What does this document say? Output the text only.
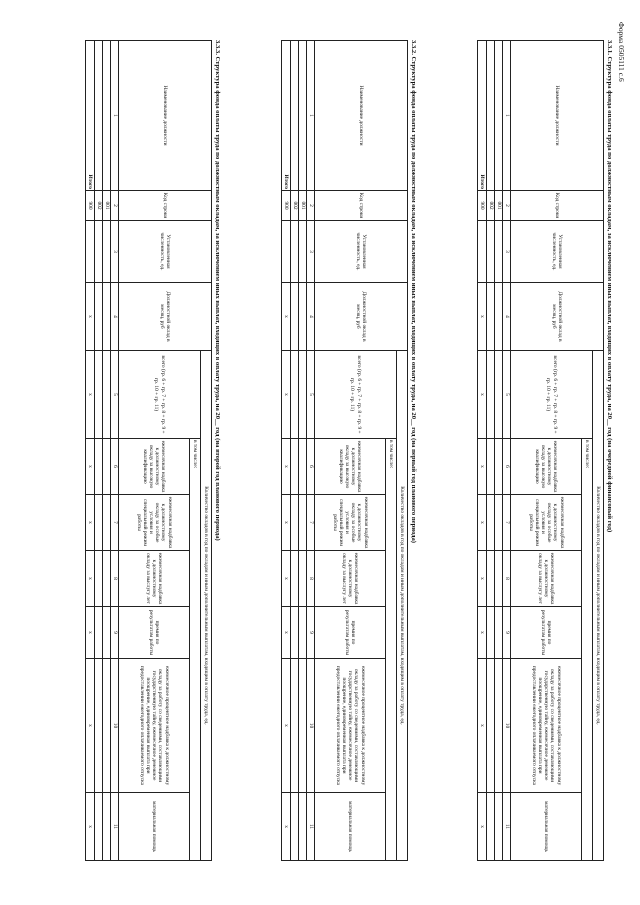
Форма 0505111 с.6
3.3.1. Структура фонда оплаты труда по должностным окладам, за исключением иных выплат, входящих в оплату труда, на 20__ год (на очередной финансовый год)
Наименование должности	Код строки	Установленная численность, ед.	Должностной оклад в месяц, руб	Количество окладов в год по окладам и иным дополнительным выплатам, входящим в оплату труда, ед.						
				всего (гр. 6 + гр. 7 + гр. 8 + гр. 9 + гр. 10 + гр. 11)	в том числе:					
					ежемесячная надбавка к должностному окладу за высокую квалификацию	ежемесячная надбавка к должностному окладу за особые условия и специальный режим работы	ежемесячная надбавка к должностному окладу за выслугу лет	премия по результатам работы	ежемесячное процентное надбавка к должностному окладу за работу со сведениями, составляющими государственную тайну, ежемесячное денежное поощрение, единовременная выплата при предоставлении ежегодного оплачиваемого отпуска	материальная помощь
1	2	3	4	5	6	7	8	9	10	11
	001									
	002									
Итого	900		x	x	x	x	x	x	x	x
3.3.2. Структура фонда оплаты труда по должностным окладам, за исключением иных выплат, входящих в оплату труда, на 20__ год (на первый год планового периода)
Наименование должности	Код строки	Установленная численность, ед.	Должностной оклад в месяц, руб	Количество окладов в год по окладам и иным дополнительным выплатам, входящим в оплату труда, ед.						
				всего (гр. 6 + гр. 7 + гр. 8 + гр. 9 + гр. 10 + гр. 11)	в том числе:					
					ежемесячная надбавка к должностному окладу за высокую квалификацию	ежемесячная надбавка к должностному окладу за особые условия и специальный режим работы	ежемесячная надбавка к должностному окладу за выслугу лет	премия по результатам работы	ежемесячное процентное надбавка к должностному окладу за работу со сведениями, составляющими государственную тайну, ежемесячное денежное поощрение, единовременная выплата при предоставлении ежегодного оплачиваемого отпуска	материальная помощь
1	2	3	4	5	6	7	8	9	10	11
	001									
	002									
Итого	900		x	x	x	x	x	x	x	x
3.3.3. Структура фонда оплаты труда по должностным окладам, за исключением иных выплат, входящих в оплату труда, на 20__ год (на второй год планового периода)
Наименование должности	Код строки	Установленная численность, ед.	Должностной оклад в месяц, руб	Количество окладов в год по окладам и иным дополнительным выплатам, входящим в оплату труда, ед.						
				всего (гр. 6 + гр. 7 + гр. 8 + гр. 9 + гр. 10 + гр. 11)	в том числе:					
					ежемесячная надбавка к должностному окладу за высокую квалификацию	ежемесячная надбавка к должностному окладу за особые условия и специальный режим работы	ежемесячная надбавка к должностному окладу за выслугу лет	премия по результатам работы	ежемесячное процентное надбавка к должностному окладу за работу со сведениями, составляющими государственную тайну, ежемесячное денежное поощрение, единовременная выплата при предоставлении ежегодного оплачиваемого отпуска	материальная помощь
1	2	3	4	5	6	7	8	9	10	11
	001									
	002									
Итого	900		x	x	x	x	x	x	x	x
